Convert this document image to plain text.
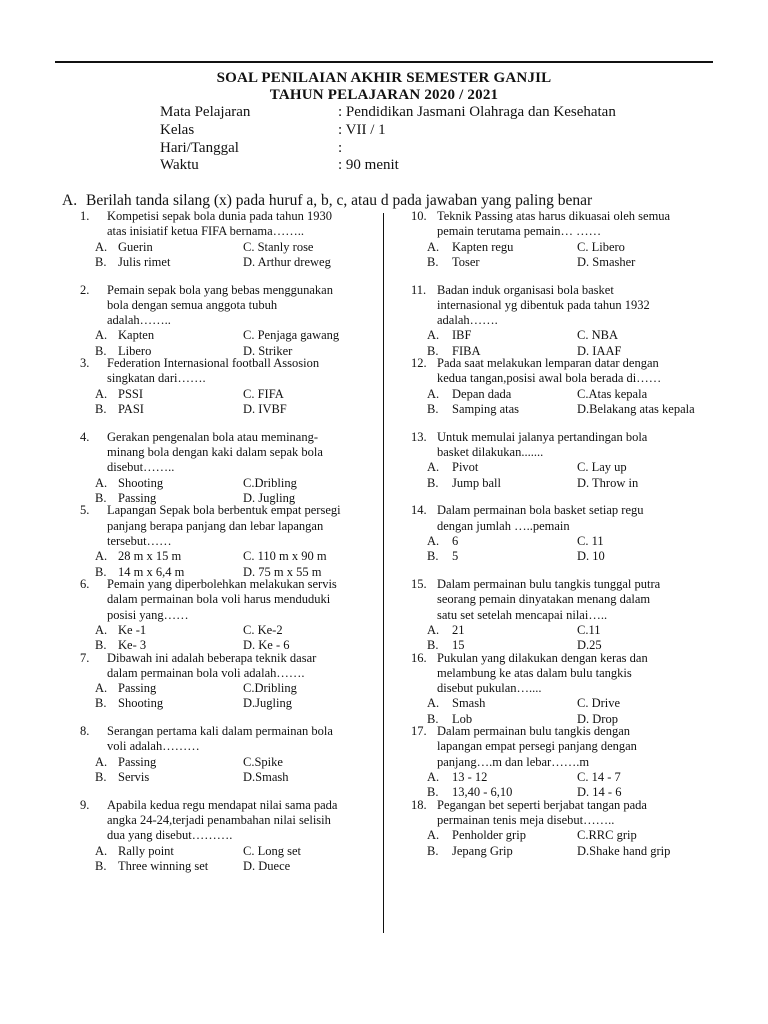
SOAL PENILAIAN AKHIR SEMESTER GANJIL
TAHUN PELAJARAN 2020 / 2021
Mata Pelajaran	: Pendidikan Jasmani Olahraga dan Kesehatan
Kelas	: VII / 1
Hari/Tanggal	:
Waktu	: 90 menit
A. Berilah tanda silang (x) pada huruf a, b, c, atau d pada jawaban yang paling benar
1. Kompetisi sepak bola dunia pada tahun 1930
atas inisiatif ketua FIFA bernama……..
A. Guerin	C. Stanly rose
B. Julis rimet	D. Arthur dreweg
2. Pemain sepak bola yang bebas menggunakan
bola dengan semua anggota tubuh
adalah……..
A. Kapten	C. Penjaga gawang
B. Libero	D. Striker
3. Federation Internasional football Assosion
singkatan dari…….
A. PSSI	C. FIFA
B. PASI	D. IVBF
4. Gerakan pengenalan bola atau meminang-
minang bola dengan kaki dalam sepak bola
disebut……..
A. Shooting	C.Dribling
B. Passing	D. Jugling
5. Lapangan Sepak bola berbentuk empat persegi
panjang berapa panjang dan lebar lapangan
tersebut……
A. 28 m x 15 m	C. 110 m x 90 m
B. 14 m x 6,4 m	D. 75 m x 55 m
6. Pemain yang diperbolehkan melakukan servis
dalam permainan bola voli harus menduduki
posisi yang……
A. Ke -1	C. Ke-2
B. Ke- 3	D. Ke - 6
7. Dibawah ini adalah beberapa teknik dasar
dalam permainan bola voli adalah…….
A. Passing	C.Dribling
B. Shooting	D.Jugling
8. Serangan pertama kali dalam permainan bola
voli adalah………
A. Passing	C.Spike
B. Servis	D.Smash
9. Apabila kedua regu mendapat nilai sama pada
angka 24-24,terjadi penambahan nilai selisih
dua yang disebut……….
A. Rally point	C. Long set
B. Three winning set	D. Duece
10. Teknik Passing atas harus dikuasai oleh semua
pemain terutama pemain… ……
A. Kapten regu	C. Libero
B. Toser	D. Smasher
11. Badan induk organisasi bola basket
internasional yg dibentuk pada tahun 1932
adalah…….
A. IBF	C. NBA
B. FIBA	D. IAAF
12. Pada saat melakukan lemparan datar dengan
kedua tangan,posisi awal bola berada di……
A. Depan dada	C.Atas kepala
B. Samping atas	D.Belakang atas kepala
13. Untuk memulai jalanya pertandingan bola
basket dilakukan.......
A. Pivot	C. Lay up
B. Jump ball	D. Throw in
14. Dalam permainan bola basket setiap regu
dengan jumlah …..pemain
A. 6	C. 11
B. 5	D. 10
15. Dalam permainan bulu tangkis tunggal putra
seorang pemain dinyatakan menang dalam
satu set setelah mencapai nilai…..
A. 21	C.11
B. 15	D.25
16. Pukulan yang dilakukan dengan keras dan
melambung ke atas dalam bulu tangkis
disebut pukulan…....
A. Smash	C. Drive
B. Lob	D. Drop
17. Dalam permainan bulu tangkis dengan
lapangan empat persegi panjang dengan
panjang….m dan lebar…….m
A. 13 - 12	C. 14 - 7
B. 13,40 - 6,10	D. 14 - 6
18. Pegangan bet seperti berjabat tangan pada
permainan tenis meja disebut……..
A. Penholder grip	C.RRC grip
B. Jepang Grip	D.Shake hand grip
